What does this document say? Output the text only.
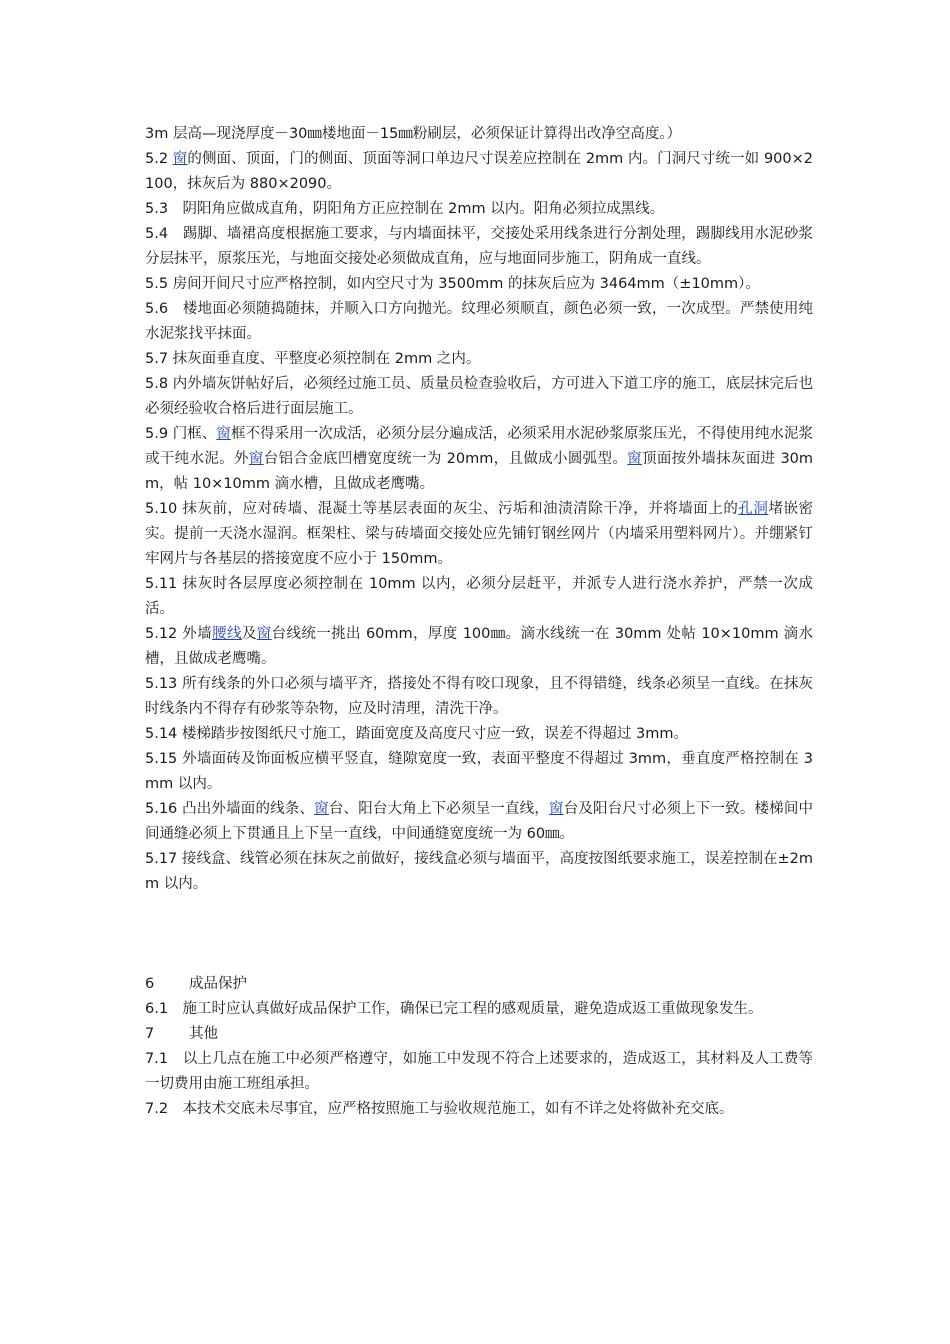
3m 层高—现浇厚度－30㎜楼地面－15㎜粉刷层，必须保证计算得出改净空高度。）

5.2 窗的侧面、顶面，门的侧面、顶面等洞口单边尺寸误差应控制在 2mm 内。门洞尺寸统一如 900×2100，抹灰后为 880×2090。

5.3　阴阳角应做成直角，阴阳角方正应控制在 2mm 以内。阳角必须拉成黑线。

5.4　踢脚、墙裙高度根据施工要求，与内墙面抹平，交接处采用线条进行分割处理，踢脚线用水泥砂浆分层抹平，原浆压光，与地面交接处必须做成直角，应与地面同步施工，阴角成一直线。

5.5 房间开间尺寸应严格控制，如内空尺寸为 3500mm 的抹灰后应为 3464mm（±10mm）。

5.6　楼地面必须随捣随抹，并顺入口方向抛光。纹理必须顺直，颜色必须一致，一次成型。严禁使用纯水泥浆找平抹面。

5.7 抹灰面垂直度、平整度必须控制在 2mm 之内。

5.8 内外墙灰饼帖好后，必须经过施工员、质量员检查验收后，方可进入下道工序的施工，底层抹完后也必须经验收合格后进行面层施工。

5.9 门框、窗框不得采用一次成活，必须分层分遍成活，必须采用水泥砂浆原浆压光，不得使用纯水泥浆或干纯水泥。外窗台铝合金底凹槽宽度统一为 20mm，且做成小圆弧型。窗顶面按外墙抹灰面进 30mm，帖 10×10mm 滴水槽，且做成老鹰嘴。

5.10 抹灰前，应对砖墙、混凝土等基层表面的灰尘、污垢和油渍清除干净，并将墙面上的孔洞堵嵌密实。提前一天浇水湿润。框架柱、梁与砖墙面交接处应先铺钉钢丝网片（内墙采用塑料网片）。并绷紧钉牢网片与各基层的搭接宽度不应小于 150mm。

5.11 抹灰时各层厚度必须控制在 10mm 以内，必须分层赶平，并派专人进行浇水养护，严禁一次成活。

5.12 外墙腰线及窗台线统一挑出 60mm，厚度 100㎜。滴水线统一在 30mm 处帖 10×10mm 滴水槽，且做成老鹰嘴。

5.13 所有线条的外口必须与墙平齐，搭接处不得有咬口现象，且不得错缝，线条必须呈一直线。在抹灰时线条内不得存有砂浆等杂物，应及时清理，清洗干净。

5.14 楼梯踏步按图纸尺寸施工，踏面宽度及高度尺寸应一致，误差不得超过 3mm。

5.15 外墙面砖及饰面板应横平竖直，缝隙宽度一致，表面平整度不得超过 3mm，垂直度严格控制在 3mm 以内。

5.16 凸出外墙面的线条、窗台、阳台大角上下必须呈一直线，窗台及阳台尺寸必须上下一致。楼梯间中间通缝必须上下贯通且上下呈一直线，中间通缝宽度统一为 60㎜。

5.17 接线盒、线管必须在抹灰之前做好，接线盒必须与墙面平，高度按图纸要求施工，误差控制在±2mm 以内。

6 成品保护

6.1　施工时应认真做好成品保护工作，确保已完工程的感观质量，避免造成返工重做现象发生。

7 其他

7.1　以上几点在施工中必须严格遵守，如施工中发现不符合上述要求的，造成返工，其材料及人工费等一切费用由施工班组承担。

7.2　本技术交底未尽事宜，应严格按照施工与验收规范施工，如有不详之处将做补充交底。
